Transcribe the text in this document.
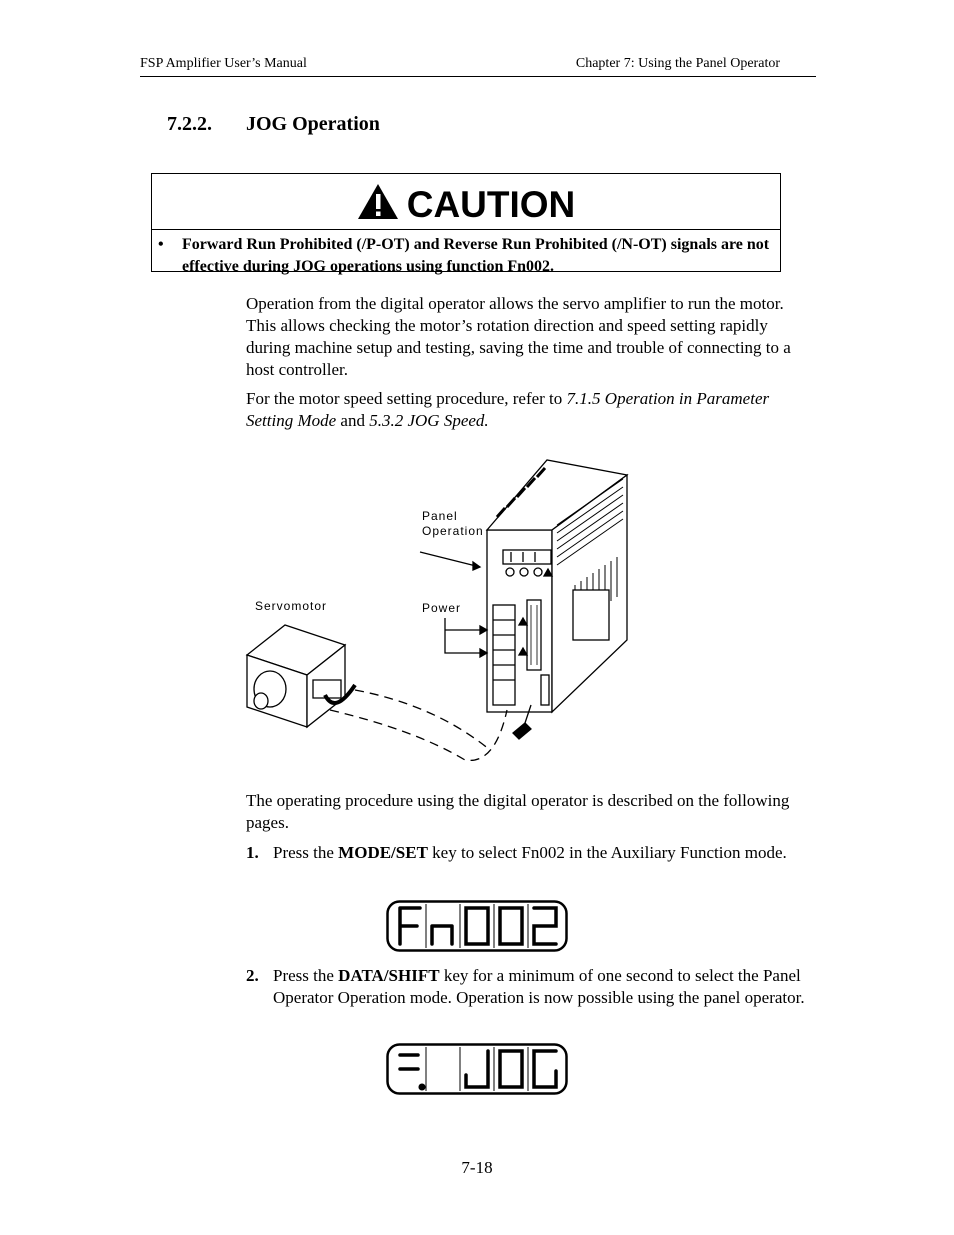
FSP Amplifier User’s Manual	Chapter 7: Using the Panel Operator
7.2.2. JOG Operation
CAUTION
• Forward Run Prohibited (/P-OT) and Reverse Run Prohibited (/N-OT) signals are not effective during JOG operations using function Fn002.

Operation from the digital operator allows the servo amplifier to run the motor. This allows checking the motor’s rotation direction and speed setting rapidly during machine setup and testing, saving the time and trouble of connecting to a host controller.

For the motor speed setting procedure, refer to 7.1.5 Operation in Parameter Setting Mode and 5.3.2 JOG Speed.

Panel
Operation
Power
Servomotor

The operating procedure using the digital operator is described on the following pages.

1. Press the MODE/SET key to select Fn002 in the Auxiliary Function mode.

2. Press the DATA/SHIFT key for a minimum of one second to select the Panel Operator Operation mode. Operation is now possible using the panel operator.

7-18
